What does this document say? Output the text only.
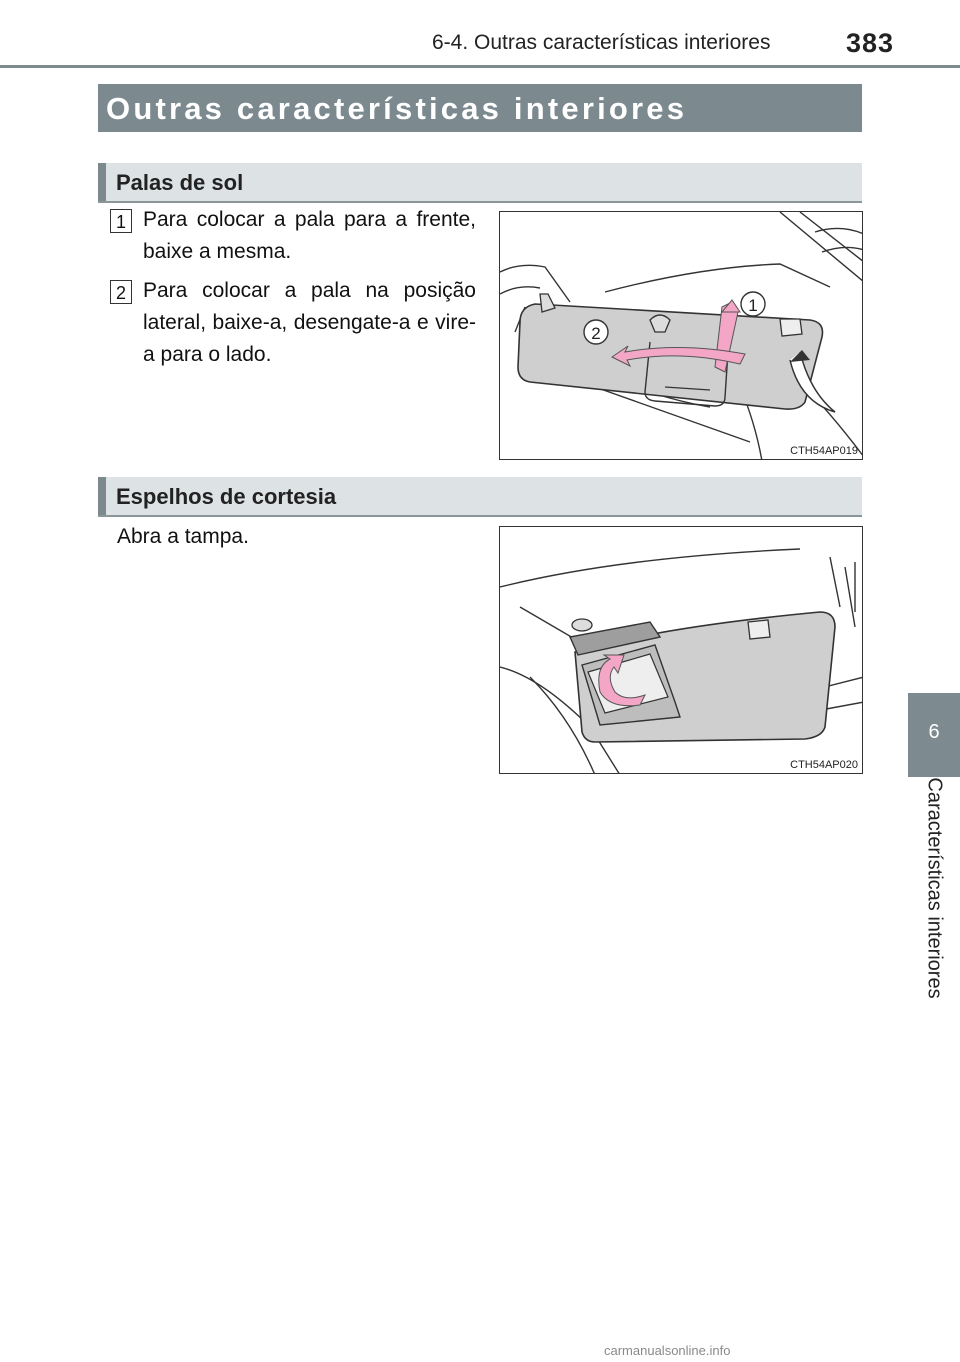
6-4. Outras características interiores	383
6
Características interiores
Outras características interiores
Palas de sol
1 Para colocar a pala para a frente, baixe a mesma.
2 Para colocar a pala na posição lateral, baixe-a, desengate-a e vire-a para o lado.
1
2
CTH54AP019
Espelhos de cortesia
Abra a tampa.
CTH54AP020
carmanualsonline.info
